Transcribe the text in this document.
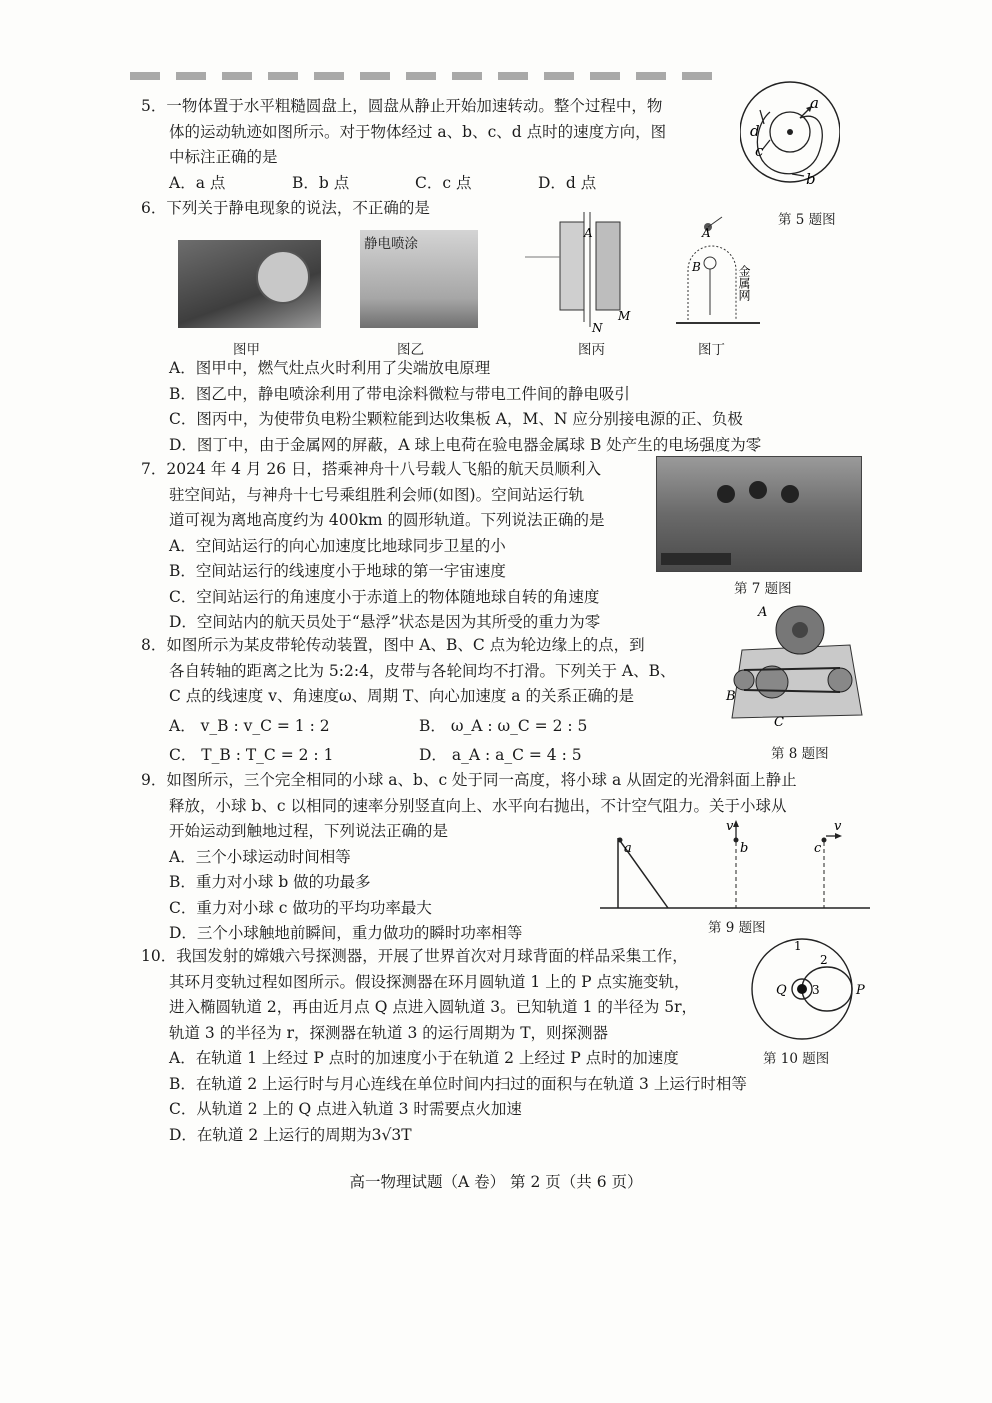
5．一物体置于水平粗糙圆盘上，圆盘从静止开始加速转动。整个过程中，物
体的运动轨迹如图所示。对于物体经过 a、b、c、d 点时的速度方向，图
中标注正确的是
A．a 点	B．b 点	C．c 点	D．d 点
a
b
c
d
第 5 题图
6．下列关于静电现象的说法，不正确的是
静电喷涂
A
M
N
A
B	金属网
图甲	图乙	图丙	图丁
A．图甲中，燃气灶点火时利用了尖端放电原理
B．图乙中，静电喷涂利用了带电涂料微粒与带电工件间的静电吸引
C．图丙中，为使带负电粉尘颗粒能到达收集板 A，M、N 应分别接电源的正、负极
D．图丁中，由于金属网的屏蔽，A 球上电荷在验电器金属球 B 处产生的电场强度为零
7．2024 年 4 月 26 日，搭乘神舟十八号载人飞船的航天员顺利入
驻空间站，与神舟十七号乘组胜利会师(如图)。空间站运行轨
道可视为离地高度约为 400km 的圆形轨道。下列说法正确的是
A．空间站运行的向心加速度比地球同步卫星的小
B．空间站运行的线速度小于地球的第一宇宙速度
C．空间站运行的角速度小于赤道上的物体随地球自转的角速度
D．空间站内的航天员处于“悬浮”状态是因为其所受的重力为零
第 7 题图
8．如图所示为某皮带轮传动装置，图中 A、B、C 点为轮边缘上的点，到
各自转轴的距离之比为 5:2:4，皮带与各轮间均不打滑。下列关于 A、B、
C 点的线速度 v、角速度ω、周期 T、向心加速度 a 的关系正确的是
A． v_B : v_C = 1 : 2	B． ω_A : ω_C = 2 : 5
C． T_B : T_C = 2 : 1	D． a_A : a_C = 4 : 5
A
B
C
第 8 题图
9．如图所示，三个完全相同的小球 a、b、c 处于同一高度，将小球 a 从固定的光滑斜面上静止
释放，小球 b、c 以相同的速率分别竖直向上、水平向右抛出，不计空气阻力。关于小球从
开始运动到触地过程，下列说法正确的是
A．三个小球运动时间相等
B．重力对小球 b 做的功最多
C．重力对小球 c 做功的平均功率最大
D．三个小球触地前瞬间，重力做功的瞬时功率相等
a	b	c
v	v
第 9 题图
10．我国发射的嫦娥六号探测器，开展了世界首次对月球背面的样品采集工作，
其环月变轨过程如图所示。假设探测器在环月圆轨道 1 上的 P 点实施变轨，
进入椭圆轨道 2，再由近月点 Q 点进入圆轨道 3。已知轨道 1 的半径为 5r，
轨道 3 的半径为 r，探测器在轨道 3 的运行周期为 T，则探测器
A．在轨道 1 上经过 P 点时的加速度小于在轨道 2 上经过 P 点时的加速度
B．在轨道 2 上运行时与月心连线在单位时间内扫过的面积与在轨道 3 上运行时相等
C．从轨道 2 上的 Q 点进入轨道 3 时需要点火加速
D．在轨道 2 上运行的周期为3√3T
1
2
3
Q	P
第 10 题图
高一物理试题（A 卷） 第 2 页（共 6 页）
